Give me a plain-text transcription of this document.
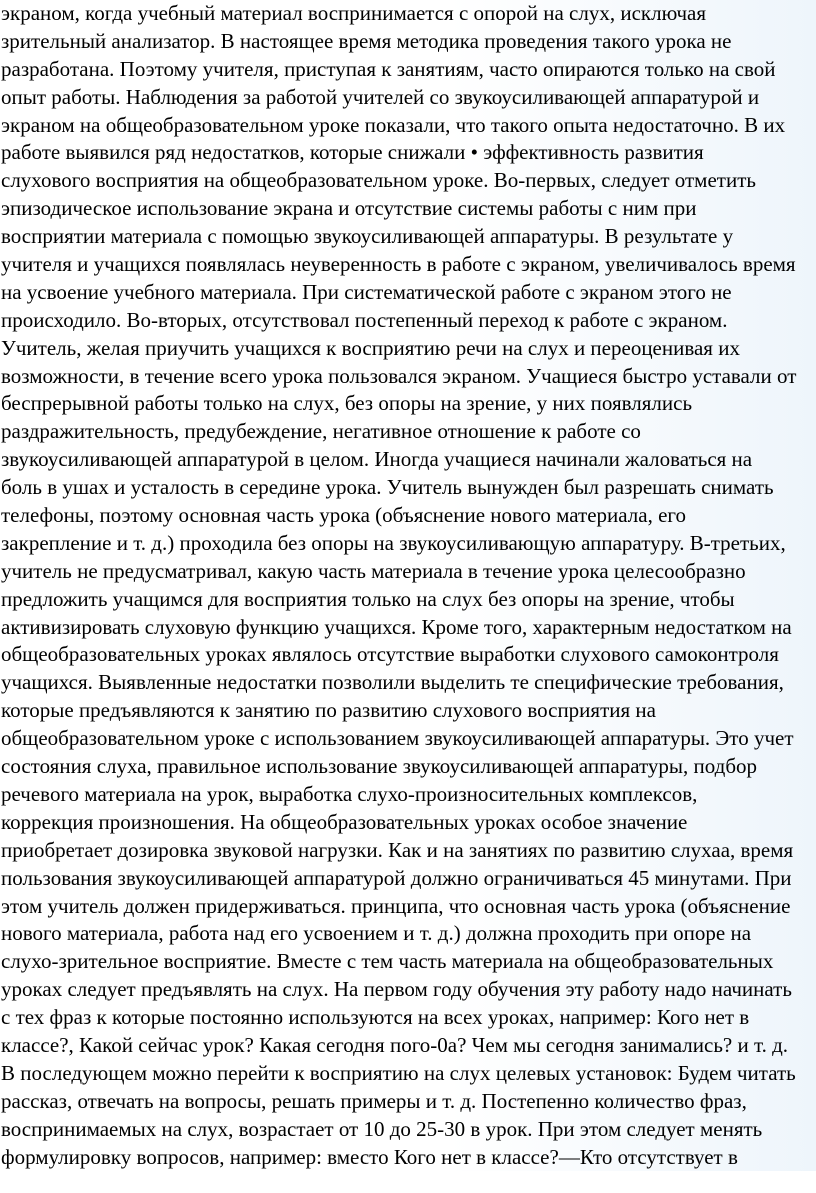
экраном, когда учебный материал воспринимается с опорой на слух, исключая
зрительный анализатор. В настоящее время методика проведения такого урока не
разработана. Поэтому учителя, приступая к занятиям, часто опираются только на свой
опыт работы. Наблюдения за работой учителей со звукоусиливающей аппаратурой и
экраном на общеобразовательном уроке показали, что такого опыта недостаточно. В их
работе выявился ряд недостатков, которые снижали • эффективность развития
слухового восприятия на общеобразовательном уроке. Во-первых, следует отметить
эпизодическое использование экрана и отсутствие системы работы с ним при
восприятии материала с помощью звукоусиливающей аппаратуры. В результате у
учителя и учащихся появлялась неуверенность в работе с экраном, увеличивалось время
на усвоение учебного материала. При систематической работе с экраном этого не
происходило. Во-вторых, отсутствовал постепенный переход к работе с экраном.
Учитель, желая приучить учащихся к восприятию речи на слух и переоценивая их
возможности, в течение всего урока пользовался экраном. Учащиеся быстро уставали от
беспрерывной работы только на слух, без опоры на зрение, у них появлялись
раздражительность, предубеждение, негативное отношение к работе со
звукоусиливающей аппаратурой в целом. Иногда учащиеся начинали жаловаться на
боль в ушах и усталость в середине урока. Учитель вынужден был разрешать снимать
телефоны, поэтому основная часть урока (объяснение нового материала, его
закрепление и т. д.) проходила без опоры на звукоусиливающую аппаратуру. В-третьих,
учитель не предусматривал, какую часть материала в течение урока целесообразно
предложить учащимся для восприятия только на слух без опоры на зрение, чтобы
активизировать слуховую функцию учащихся. Кроме того, характерным недостатком на
общеобразовательных уроках являлось отсутствие выработки слухового самоконтроля
учащихся. Выявленные недостатки позволили выделить те специфические требования,
которые предъявляются к занятию по развитию слухового восприятия на
общеобразовательном уроке с использованием звукоусиливающей аппаратуры. Это учет
состояния слуха, правильное использование звукоусиливающей аппаратуры, подбор
речевого материала на урок, выработка слухо-произносительных комплексов,
коррекция произношения. На общеобразовательных уроках особое значение
приобретает дозировка звуковой нагрузки. Как и на занятиях по развитию слухаа, время
пользования звукоусиливающей аппаратурой должно ограничиваться 45 минутами. При
этом учитель должен придерживаться. принципа, что основная часть урока (объяснение
нового материала, работа над его усвоением и т. д.) должна проходить при опоре на
слухо-зрительное восприятие. Вместе с тем часть материала на общеобразовательных
уроках следует предъявлять на слух. На первом году обучения эту работу надо начинать
с тех фраз к которые постоянно используются на всех уроках, например: Кого нет в
классе?, Какой сейчас урок? Какая сегодня пого-0а? Чем мы сегодня занимались? и т. д.
В последующем можно перейти к восприятию на слух целевых установок: Будем читать
рассказ, отвечать на вопросы, решать примеры и т. д. Постепенно количество фраз,
воспринимаемых на слух, возрастает от 10 до 25-30 в урок. При этом следует менять
формулировку вопросов, например: вместо Кого нет в классе?—Кто отсутствует в
